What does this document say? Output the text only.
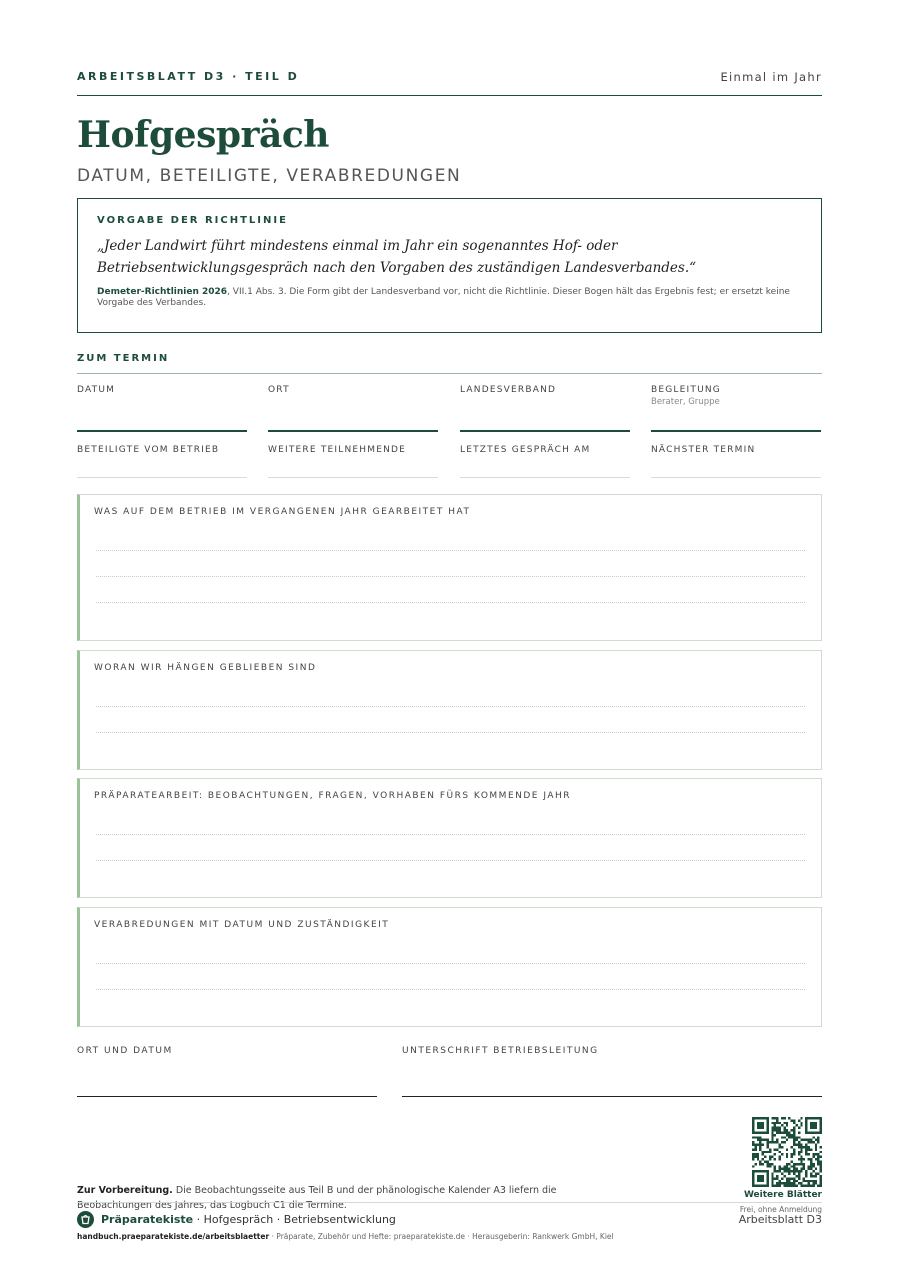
ARBEITSBLATT D3 · TEIL D	Einmal im Jahr
Hofgespräch
DATUM, BETEILIGTE, VERABREDUNGEN
VORGABE DER RICHTLINIE
„Jeder Landwirt führt mindestens einmal im Jahr ein sogenanntes Hof- oder Betriebsentwicklungsgespräch nach den Vorgaben des zuständigen Landesverbandes.“
Demeter-Richtlinien 2026, VII.1 Abs. 3. Die Form gibt der Landesverband vor, nicht die Richtlinie. Dieser Bogen hält das Ergebnis fest; er ersetzt keine Vorgabe des Verbandes.
ZUM TERMIN
DATUM	ORT	LANDESVERBAND	BEGLEITUNG
Berater, Gruppe
BETEILIGTE VOM BETRIEB	WEITERE TEILNEHMENDE	LETZTES GESPRÄCH AM	NÄCHSTER TERMIN
WAS AUF DEM BETRIEB IM VERGANGENEN JAHR GEARBEITET HAT
WORAN WIR HÄNGEN GEBLIEBEN SIND
PRÄPARATEARBEIT: BEOBACHTUNGEN, FRAGEN, VORHABEN FÜRS KOMMENDE JAHR
VERABREDUNGEN MIT DATUM UND ZUSTÄNDIGKEIT
ORT UND DATUM	UNTERSCHRIFT BETRIEBSLEITUNG
Weitere Blätter
Frei, ohne Anmeldung
Zur Vorbereitung. Die Beobachtungsseite aus Teil B und der phänologische Kalender A3 liefern die Beobachtungen des Jahres, das Logbuch C1 die Termine.
Präparatekiste · Hofgespräch · Betriebsentwicklung	Arbeitsblatt D3
handbuch.praeparatekiste.de/arbeitsblaetter · Präparate, Zubehör und Hefte: praeparatekiste.de · Herausgeberin: Rankwerk GmbH, Kiel
